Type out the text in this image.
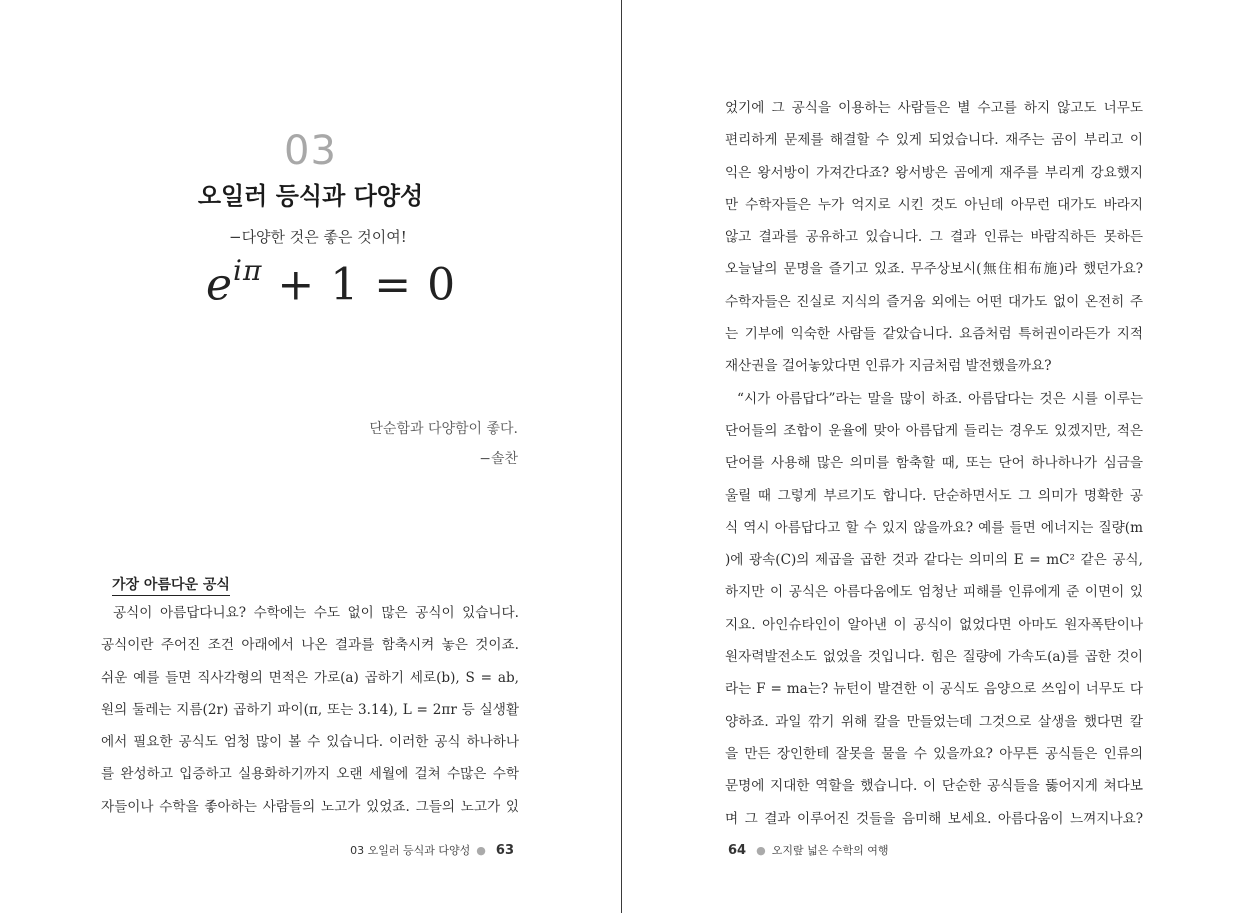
03
오일러 등식과 다양성
−다양한 것은 좋은 것이여!
$e^{i\pi} + 1 = 0$
단순함과 다양함이 좋다.
−솔찬
가장 아름다운 공식
공식이 아름답다니요? 수학에는 수도 없이 많은 공식이 있습니다.
공식이란 주어진 조건 아래에서 나온 결과를 함축시켜 놓은 것이죠.
쉬운 예를 들면 직사각형의 면적은 가로(a) 곱하기 세로(b), S = ab,
원의 둘레는 지름(2r) 곱하기 파이(π, 또는 3.14), L = 2πr 등 실생활
에서 필요한 공식도 엄청 많이 볼 수 있습니다. 이러한 공식 하나하나
를 완성하고 입증하고 실용화하기까지 오랜 세월에 걸쳐 수많은 수학
자들이나 수학을 좋아하는 사람들의 노고가 있었죠. 그들의 노고가 있
03 오일러 등식과 다양성 ● 63
었기에 그 공식을 이용하는 사람들은 별 수고를 하지 않고도 너무도
편리하게 문제를 해결할 수 있게 되었습니다. 재주는 곰이 부리고 이
익은 왕서방이 가져간다죠? 왕서방은 곰에게 재주를 부리게 강요했지
만 수학자들은 누가 억지로 시킨 것도 아닌데 아무런 대가도 바라지
않고 결과를 공유하고 있습니다. 그 결과 인류는 바람직하든 못하든
오늘날의 문명을 즐기고 있죠. 무주상보시(無住相布施)라 했던가요?
수학자들은 진실로 지식의 즐거움 외에는 어떤 대가도 없이 온전히 주
는 기부에 익숙한 사람들 같았습니다. 요즘처럼 특허권이라든가 지적
재산권을 걸어놓았다면 인류가 지금처럼 발전했을까요?
“시가 아름답다”라는 말을 많이 하죠. 아름답다는 것은 시를 이루는
단어들의 조합이 운율에 맞아 아름답게 들리는 경우도 있겠지만, 적은
단어를 사용해 많은 의미를 함축할 때, 또는 단어 하나하나가 심금을
울릴 때 그렇게 부르기도 합니다. 단순하면서도 그 의미가 명확한 공
식 역시 아름답다고 할 수 있지 않을까요? 예를 들면 에너지는 질량(m
)에 광속(C)의 제곱을 곱한 것과 같다는 의미의 E = mC² 같은 공식,
하지만 이 공식은 아름다움에도 엄청난 피해를 인류에게 준 이면이 있
지요. 아인슈타인이 알아낸 이 공식이 없었다면 아마도 원자폭탄이나
원자력발전소도 없었을 것입니다. 힘은 질량에 가속도(a)를 곱한 것이
라는 F = ma는? 뉴턴이 발견한 이 공식도 음양으로 쓰임이 너무도 다
양하죠. 과일 깎기 위해 칼을 만들었는데 그것으로 살생을 했다면 칼
을 만든 장인한테 잘못을 물을 수 있을까요? 아무튼 공식들은 인류의
문명에 지대한 역할을 했습니다. 이 단순한 공식들을 뚫어지게 쳐다보
며 그 결과 이루어진 것들을 음미해 보세요. 아름다움이 느껴지나요?
64 ● 오지랖 넓은 수학의 여행
